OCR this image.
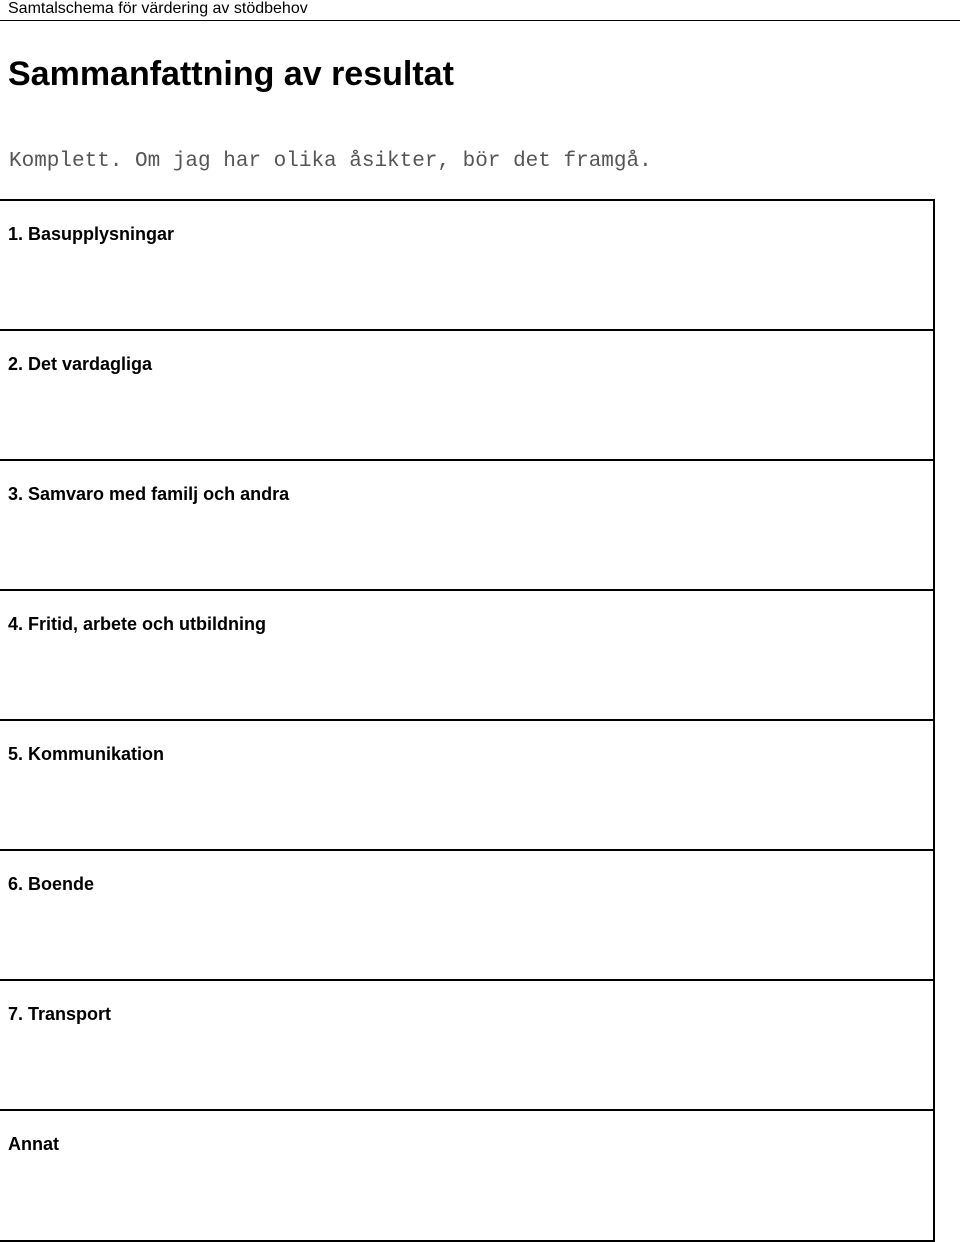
Samtalschema för värdering av stödbehov
Sammanfattning av resultat
Komplett. Om jag har olika åsikter, bör det framgå.
1. Basupplysningar
2. Det vardagliga
3. Samvaro med familj och andra
4. Fritid, arbete och utbildning
5. Kommunikation
6. Boende
7. Transport
Annat
